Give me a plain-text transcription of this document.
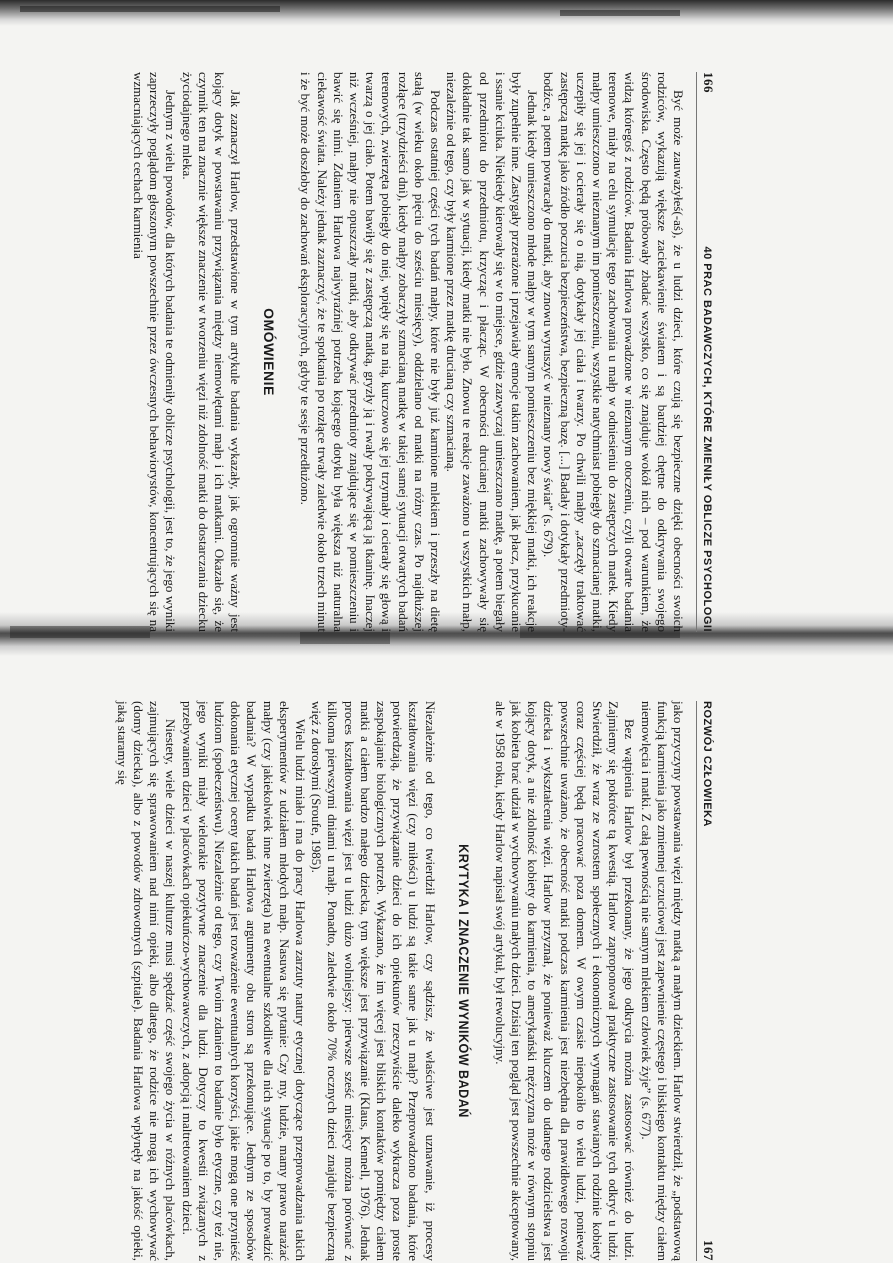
166
40 PRAC BADAWCZYCH, KTÓRE ZMIENIŁY OBLICZE PSYCHOLOGII

Być może zauważyłeś(-aś), że u ludzi dzieci, które czują się bezpieczne dzięki obecności swoich rodziców, wykazują większe zaciekawienie światem i są bardziej chętne do odkrywania swojego środowiska. Często będą próbowały zbadać wszystko, co się znajduje wokół nich – pod warunkiem, że widzą któregoś z rodziców. Badania Harlowa prowadzone w nieznanym otoczeniu, czyli otwarte badania terenowe, miały na celu symulację tego zachowania u małp w odniesieniu do zastępczych matek. Kiedy małpy umieszczono w nieznanym im pomieszczeniu, wszystkie natychmiast pobiegły do szmacianej matki, uczepiły się jej i ocierały się o nią, dotykały jej ciała i twarzy. Po chwili małpy „zaczęły traktować zastępczą matkę jako źródło poczucia bezpieczeństwa, bezpieczną bazę. [...] Badały i dotykały przedmioty-bodźce, a potem powracały do matki, aby znowu wyruszyć w nieznany nowy świat” (s. 679).

Jednak kiedy umieszczono młode małpy w tym samym pomieszczeniu bez miękkiej matki, ich reakcje były zupełnie inne. Zastygały przerażone i przejawiały emocje takim zachowaniem, jak płacz, przykucanie i ssanie kciuka. Niekiedy kierowały się w to miejsce, gdzie zazwyczaj umieszczano matkę, a potem biegały od przedmiotu do przedmiotu, krzycząc i płacząc. W obecności drucianej matki zachowywały się dokładnie tak samo jak w sytuacji, kiedy matki nie było. Znowu te reakcje zaważono u wszystkich małp, niezależnie od tego, czy były karmione przez matkę drucianą czy szmacianą.

Podczas ostatniej części tych badań małpy, które nie były już karmione mlekiem i przeszły na dietę stałą (w wieku około pięciu do sześciu miesięcy), oddzielano od matki na różny czas. Po najdłuższej rozłące (trzydzieści dni), kiedy małpy zobaczyły szmacianą matkę w takiej samej sytuacji otwartych badań terenowych, zwierzęta pobiegły do niej, wpięły się na nią, kurczowo się jej trzymały i ocierały się głową i twarzą o jej ciało. Potem bawiły się z zastępczą matką, gryzły ją i rwały pokrywającą ją tkaninę. Inaczej niż wcześniej, małpy nie opuszczały matki, aby odkrywać przedmioty znajdujące się w pomieszczeniu i bawić się nimi. Zdaniem Harlowa najwyraźniej potrzeba kojącego dotyku była większa niż naturalna ciekawość świata. Należy jednak zaznaczyć, że te spotkania po rozłące trwały zaledwie około trzech minut i że być może doszłoby do zachowań eksploracyjnych, gdyby te sesje przedłużono.

OMÓWIENIE

Jak zaznaczył Harlow, przedstawione w tym artykule badania wykazały, jak ogromnie ważny jest kojący dotyk w powstawaniu przywiązania między niemowlętami małp i ich matkami. Okazało się, że czynnik ten ma znacznie większe znaczenie w tworzeniu więzi niż zdolność matki do dostarczania dziecku życiodajnego mleka.

Jednym z wielu powodów, dla których badania te odmieniły oblicze psychologii, jest to, że jego wyniki zaprzeczyły poglądom głoszonym powszechnie przez ówczesnych behawiorystów, koncentrujących się na wzmacniających cechach karmienia

ROZWÓJ CZŁOWIEKA
167

jako przyczyny powstawania więzi między matką a małym dzieckiem. Harlow stwierdził, że „podstawową funkcją karmienia jako zmiennej uczuciowej jest zapewnienie częstego i bliskiego kontaktu między ciałem niemowlęcia i matki. Z całą pewnością nie samym mlekiem człowiek żyje” (s. 677).

Bez wątpienia Harlow był przekonany, że jego odkrycia można zastosować również do ludzi. Zajmiemy się pokrótce tą kwestią. Harlow zaproponował praktyczne zastosowanie tych odkryć u ludzi. Stwierdził, że wraz ze wzrostem społecznych i ekonomicznych wymagań stawianych rodzinie kobiety coraz częściej będą pracować poza domem. W owym czasie niepokoiło to wielu ludzi, ponieważ powszechnie uważano, że obecność matki podczas karmienia jest niezbędna dla prawidłowego rozwoju dziecka i wykształcenia więzi. Harlow przyznał, że ponieważ kluczem do udanego rodzicielstwa jest kojący dotyk, a nie zdolność kobiety do karmienia, to amerykański mężczyzna może w równym stopniu jak kobieta brać udział w wychowywaniu małych dzieci. Dzisiaj ten pogląd jest powszechnie akceptowany, ale w 1958 roku, kiedy Harlow napisał swój artykuł, był rewolucyjny.

KRYTYKA I ZNACZENIE WYNIKÓW BADAŃ

Niezależnie od tego, co twierdził Harlow, czy sądzisz, że właściwe jest uznawanie, iż procesy kształtowania więzi (czy miłości) u ludzi są takie same jak u małp? Przeprowadzono badania, które potwierdzają, że przywiązanie dzieci do ich opiekunów rzeczywiście daleko wykracza poza proste zaspokajanie biologicznych potrzeb. Wykazano, że im więcej jest bliskich kontaktów pomiędzy ciałem matki a ciałem bardzo małego dziecka, tym większe jest przywiązanie (Klaus, Kennell, 1976). Jednak proces kształtowania więzi jest u ludzi dużo wolniejszy: pierwsze sześć miesięcy można porównać z kilkoma pierwszymi dniami u małp. Ponadto, zaledwie około 70% rocznych dzieci znajduje bezpieczną więź z dorosłymi (Sroufe, 1985).

Wielu ludzi miało i ma do pracy Harlowa zarzuty natury etycznej dotyczące przeprowadzania takich eksperymentów z udziałem młodych małp. Nasuwa się pytanie: Czy my, ludzie, mamy prawo narażać małpy (czy jakiekolwiek inne zwierzęta) na ewentualne szkodliwe dla nich sytuacje po to, by prowadzić badania? W wypadku badań Harlowa argumenty obu stron są przekonujące. Jednym ze sposobów dokonania etycznej oceny takich badań jest rozważenie ewentualnych korzyści, jakie mogą one przynieść ludziom (społeczeństwu). Niezależnie od tego, czy Twoim zdaniem to badanie było etyczne, czy też nie, jego wyniki miały wielorakie pozytywne znaczenie dla ludzi. Dotyczy to kwestii związanych z przebywaniem dzieci w placówkach opiekuńczo-wychowawczych, z adopcją i maltretowaniem dzieci.

Niestety, wiele dzieci w naszej kulturze musi spędzać część swojego życia w różnych placówkach, zajmujących się sprawowaniem nad nimi opieki, albo dlatego, że rodzice nie mogą ich wychowywać (domy dziecka), albo z powodów zdrowotnych (szpitale). Badania Harlowa wpłynęły na jakość opieki, jaką staramy się
